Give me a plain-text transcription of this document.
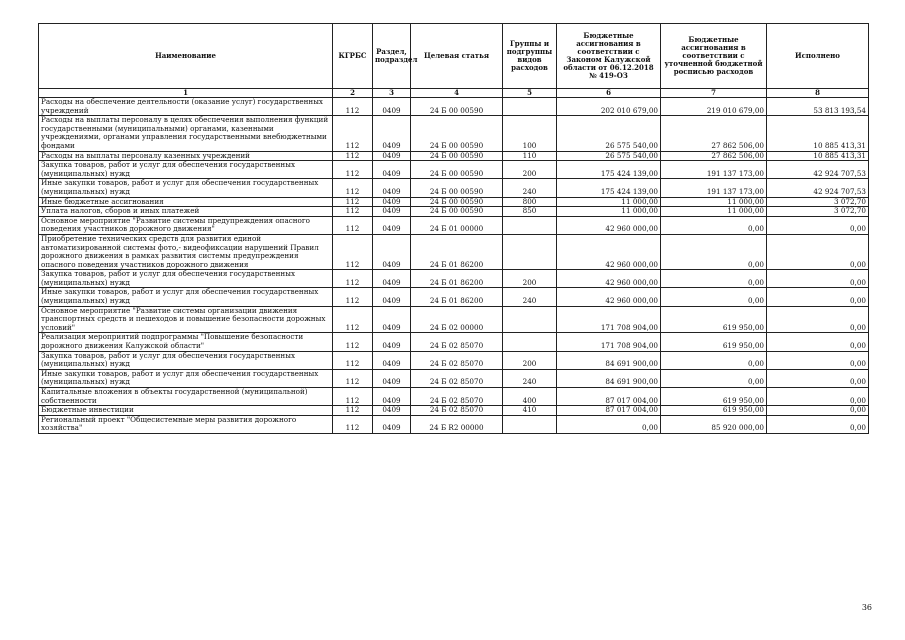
Наименование	КГРБС	Раздел, подраздел	Целевая статья	Группы и подгруппы видов расходов	Бюджетные ассигнования в соответствии с Законом Калужской области от 06.12.2018 № 419-ОЗ	Бюджетные ассигнования в соответствии с уточненной бюджетной росписью расходов	Исполнено
1	2	3	4	5	6	7	8
Расходы на обеспечение деятельности (оказание услуг) государственных учреждений	112	0409	24 Б 00 00590		202 010 679,00	219 010 679,00	53 813 193,54
Расходы на выплаты персоналу в целях обеспечения выполнения функций государственными (муниципальными) органами, казенными учреждениями, органами управления государственными внебюджетными фондами	112	0409	24 Б 00 00590	100	26 575 540,00	27 862 506,00	10 885 413,31
Расходы на выплаты персоналу казенных учреждений	112	0409	24 Б 00 00590	110	26 575 540,00	27 862 506,00	10 885 413,31
Закупка товаров, работ и услуг для обеспечения государственных (муниципальных) нужд	112	0409	24 Б 00 00590	200	175 424 139,00	191 137 173,00	42 924 707,53
Иные закупки товаров, работ и услуг для обеспечения государственных (муниципальных) нужд	112	0409	24 Б 00 00590	240	175 424 139,00	191 137 173,00	42 924 707,53
Иные бюджетные ассигнования	112	0409	24 Б 00 00590	800	11 000,00	11 000,00	3 072,70
Уплата налогов, сборов и иных платежей	112	0409	24 Б 00 00590	850	11 000,00	11 000,00	3 072,70
Основное мероприятие "Развитие системы предупреждения опасного поведения участников дорожного движения"	112	0409	24 Б 01 00000		42 960 000,00	0,00	0,00
Приобретение технических средств для развития единой автоматизированной системы фото,- видеофиксации нарушений Правил дорожного движения в рамках развития системы предупреждения опасного поведения участников дорожного движения	112	0409	24 Б 01 86200		42 960 000,00	0,00	0,00
Закупка товаров, работ и услуг для обеспечения государственных (муниципальных) нужд	112	0409	24 Б 01 86200	200	42 960 000,00	0,00	0,00
Иные закупки товаров, работ и услуг для обеспечения государственных (муниципальных) нужд	112	0409	24 Б 01 86200	240	42 960 000,00	0,00	0,00
Основное мероприятие "Развитие системы организации движения транспортных средств и пешеходов и повышение безопасности дорожных условий"	112	0409	24 Б 02 00000		171 708 904,00	619 950,00	0,00
Реализация мероприятий подпрограммы "Повышение безопасности дорожного движения Калужской области"	112	0409	24 Б 02 85070		171 708 904,00	619 950,00	0,00
Закупка товаров, работ и услуг для обеспечения государственных (муниципальных) нужд	112	0409	24 Б 02 85070	200	84 691 900,00	0,00	0,00
Иные закупки товаров, работ и услуг для обеспечения государственных (муниципальных) нужд	112	0409	24 Б 02 85070	240	84 691 900,00	0,00	0,00
Капитальные вложения в объекты государственной (муниципальной) собственности	112	0409	24 Б 02 85070	400	87 017 004,00	619 950,00	0,00
Бюджетные инвестиции	112	0409	24 Б 02 85070	410	87 017 004,00	619 950,00	0,00
Региональный проект "Общесистемные меры развития дорожного хозяйства"	112	0409	24 Б R2 00000		0,00	85 920 000,00	0,00
36
